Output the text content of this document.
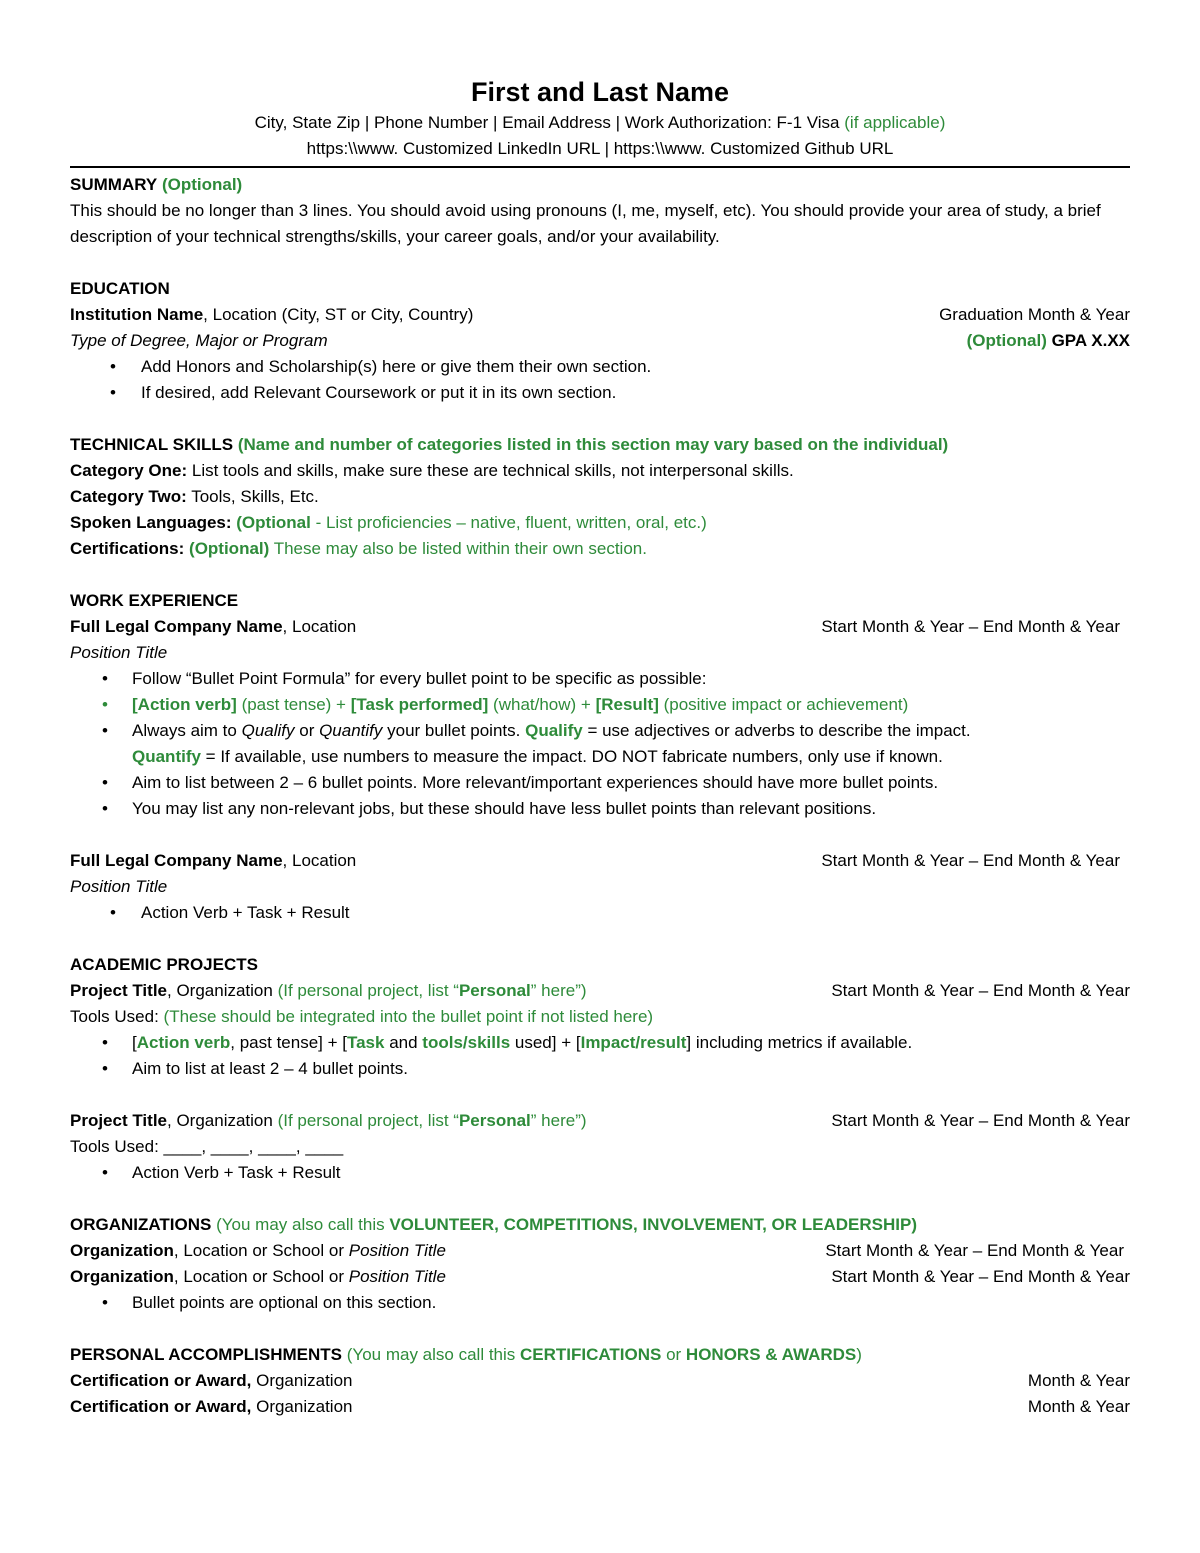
First and Last Name
City, State Zip | Phone Number | Email Address | Work Authorization: F-1 Visa (if applicable)
https:\\www. Customized LinkedIn URL | https:\\www. Customized Github URL
SUMMARY (Optional)
This should be no longer than 3 lines. You should avoid using pronouns (I, me, myself, etc). You should provide your area of study, a brief description of your technical strengths/skills, your career goals, and/or your availability.
EDUCATION
Institution Name, Location (City, ST or City, Country)	Graduation Month & Year
Type of Degree, Major or Program	(Optional) GPA X.XX
• Add Honors and Scholarship(s) here or give them their own section.
• If desired, add Relevant Coursework or put it in its own section.
TECHNICAL SKILLS (Name and number of categories listed in this section may vary based on the individual)
Category One: List tools and skills, make sure these are technical skills, not interpersonal skills.
Category Two: Tools, Skills, Etc.
Spoken Languages: (Optional - List proficiencies – native, fluent, written, oral, etc.)
Certifications: (Optional) These may also be listed within their own section.
WORK EXPERIENCE
Full Legal Company Name, Location	Start Month & Year – End Month & Year
Position Title
• Follow “Bullet Point Formula” for every bullet point to be specific as possible:
• [Action verb] (past tense) + [Task performed] (what/how) + [Result] (positive impact or achievement)
• Always aim to Qualify or Quantify your bullet points. Qualify = use adjectives or adverbs to describe the impact.
Quantify = If available, use numbers to measure the impact. DO NOT fabricate numbers, only use if known.
• Aim to list between 2 – 6 bullet points. More relevant/important experiences should have more bullet points.
• You may list any non-relevant jobs, but these should have less bullet points than relevant positions.
Full Legal Company Name, Location	Start Month & Year – End Month & Year
Position Title
• Action Verb + Task + Result
ACADEMIC PROJECTS
Project Title, Organization (If personal project, list “Personal” here”)	Start Month & Year – End Month & Year
Tools Used: (These should be integrated into the bullet point if not listed here)
• [Action verb, past tense] + [Task and tools/skills used] + [Impact/result] including metrics if available.
• Aim to list at least 2 – 4 bullet points.
Project Title, Organization (If personal project, list “Personal” here”)	Start Month & Year – End Month & Year
Tools Used: ____, ____, ____, ____
• Action Verb + Task + Result
ORGANIZATIONS (You may also call this VOLUNTEER, COMPETITIONS, INVOLVEMENT, OR LEADERSHIP)
Organization, Location or School or Position Title	Start Month & Year – End Month & Year
Organization, Location or School or Position Title	Start Month & Year – End Month & Year
• Bullet points are optional on this section.
PERSONAL ACCOMPLISHMENTS (You may also call this CERTIFICATIONS or HONORS & AWARDS)
Certification or Award, Organization	Month & Year
Certification or Award, Organization	Month & Year
